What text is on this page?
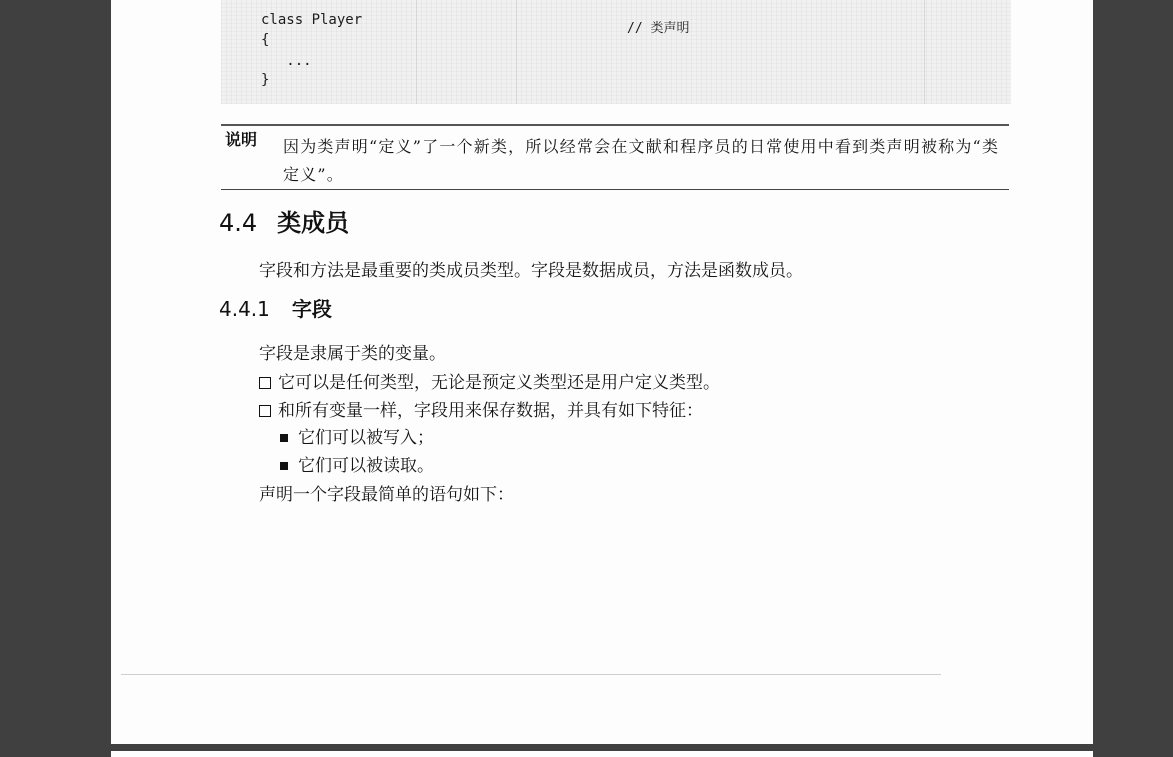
class Player
{
...
}
// 类声明
说明 因为类声明“定义”了一个新类，所以经常会在文献和程序员的日常使用中看到类声明被称为“类定义”。
4.4 类成员
字段和方法是最重要的类成员类型。字段是数据成员，方法是函数成员。
4.4.1 字段
字段是隶属于类的变量。
它可以是任何类型，无论是预定义类型还是用户定义类型。
和所有变量一样，字段用来保存数据，并具有如下特征：
它们可以被写入；
它们可以被读取。
声明一个字段最简单的语句如下：
